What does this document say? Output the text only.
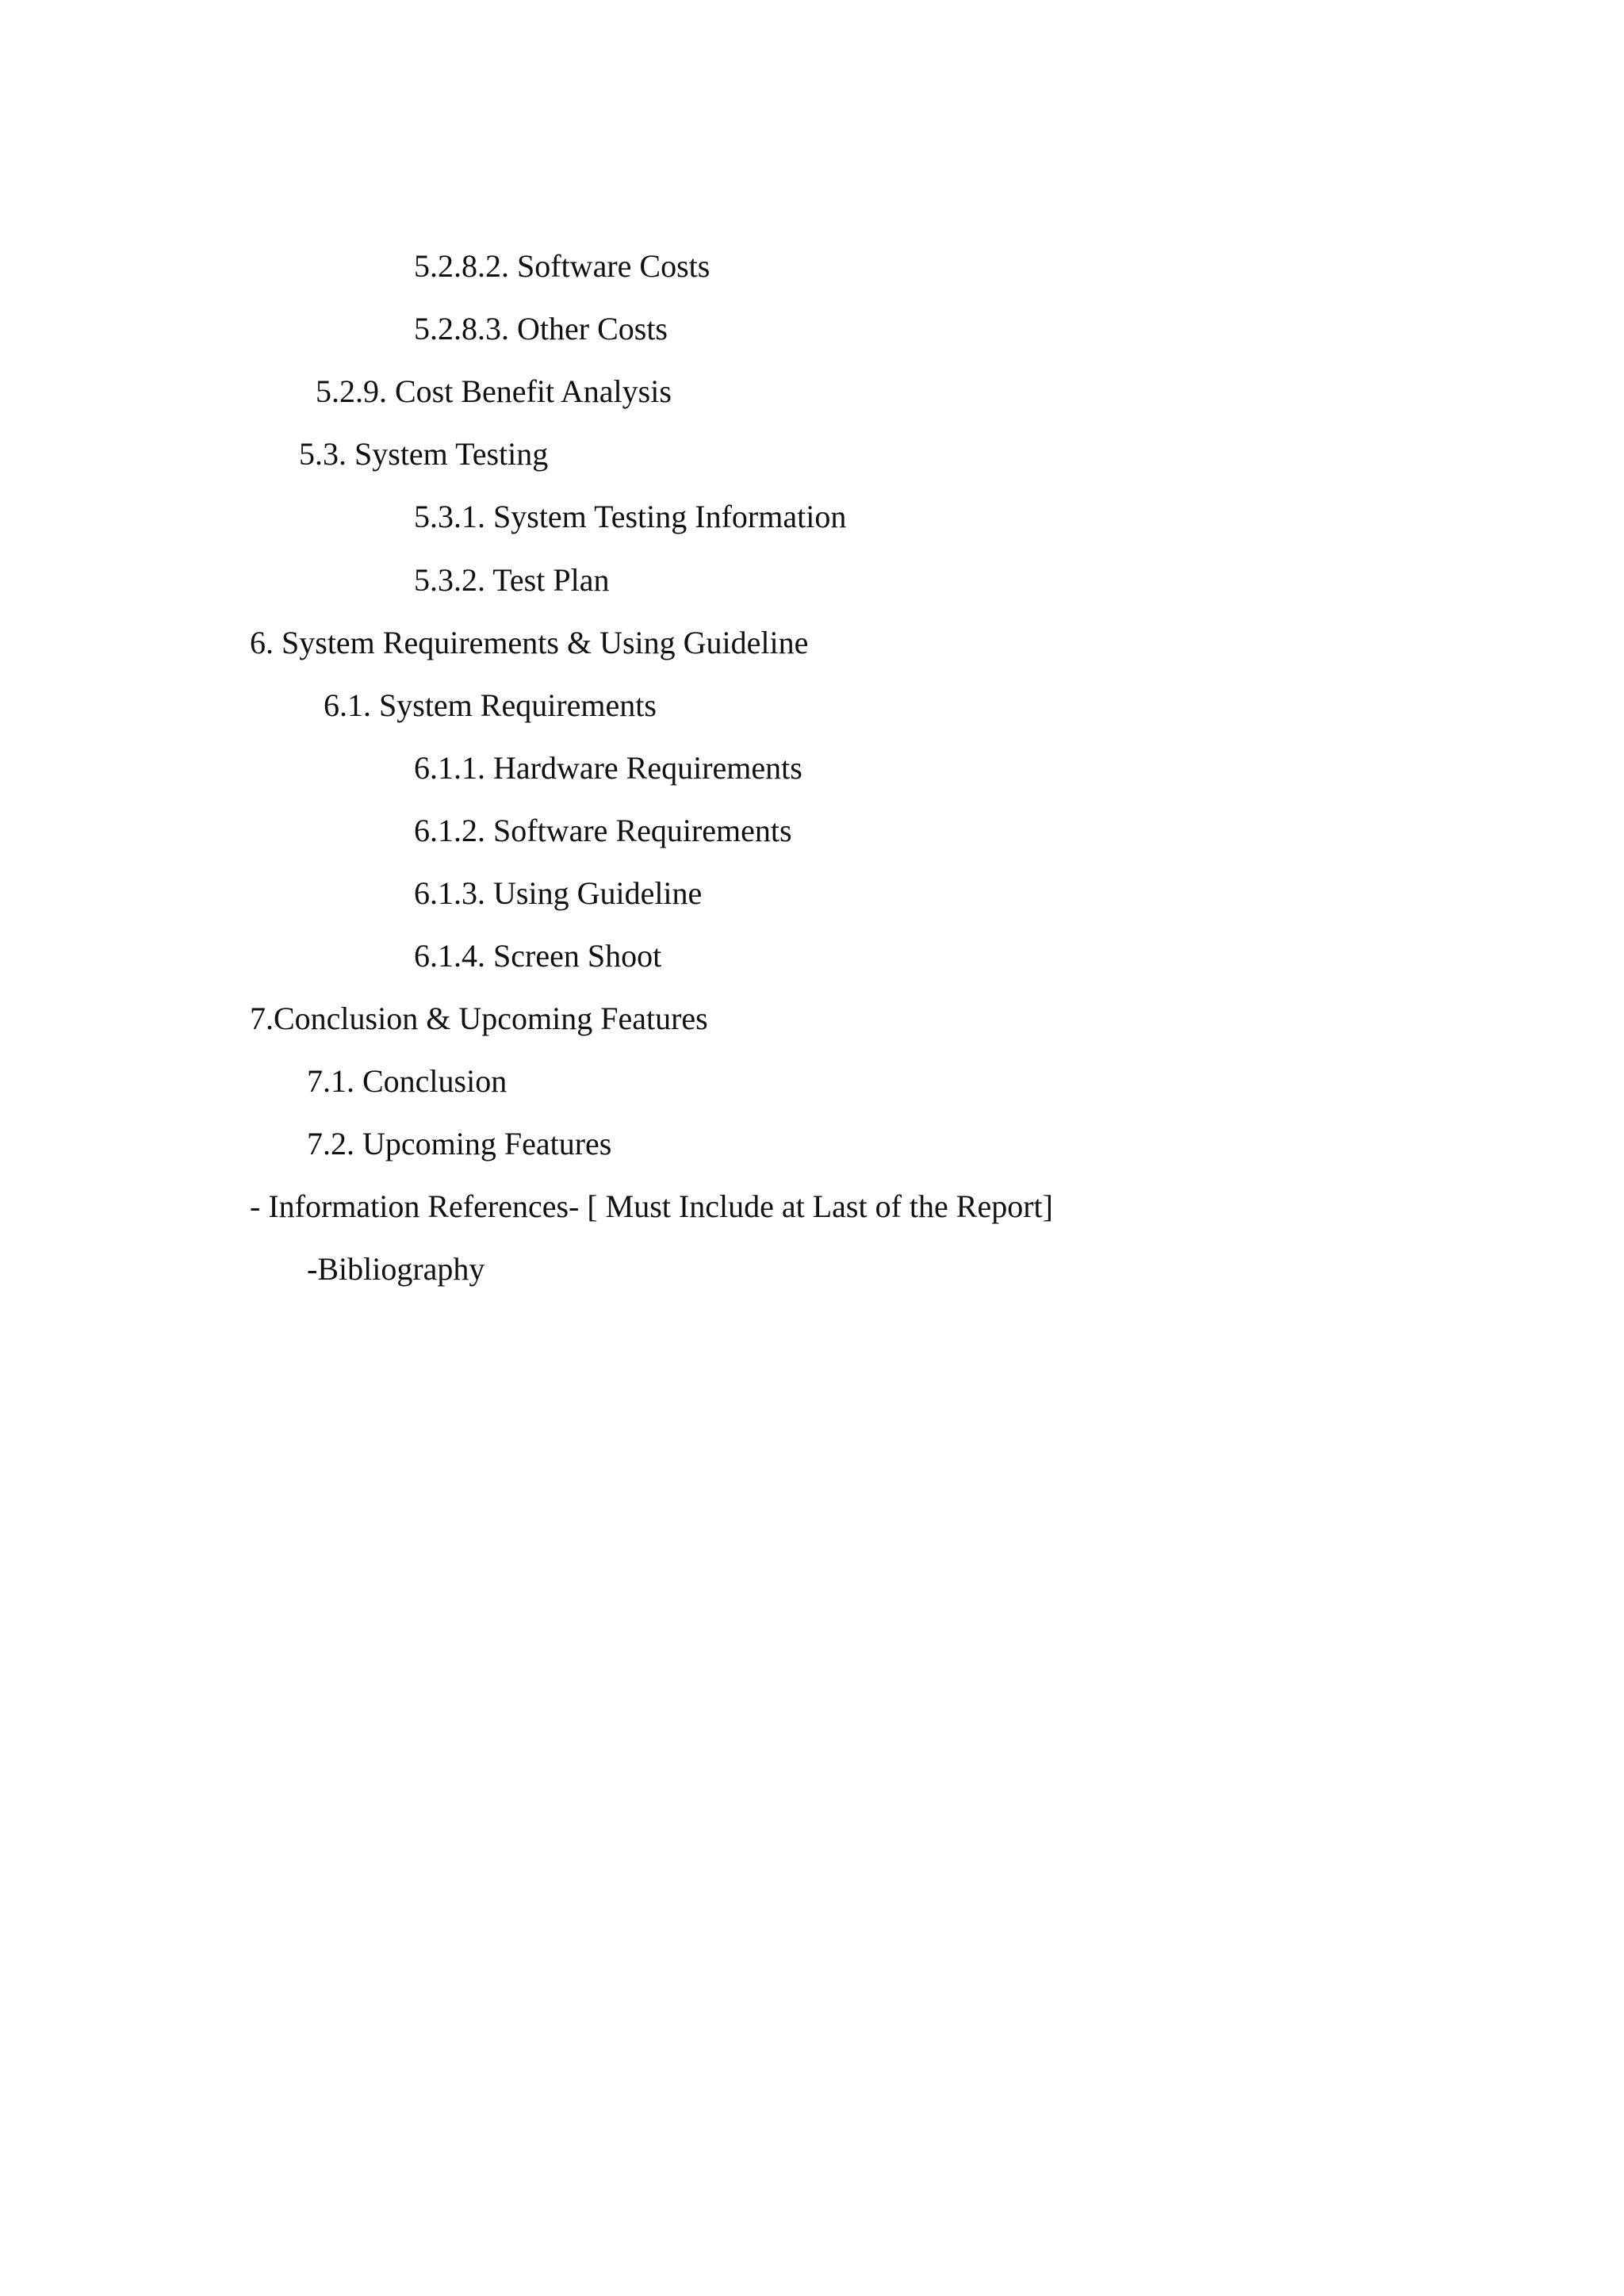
5.2.8.2. Software Costs
5.2.8.3. Other Costs
5.2.9. Cost Benefit Analysis
5.3. System Testing
5.3.1. System Testing Information
5.3.2. Test Plan
6. System Requirements & Using Guideline
6.1. System Requirements
6.1.1. Hardware Requirements
6.1.2. Software Requirements
6.1.3. Using Guideline
6.1.4. Screen Shoot
7.Conclusion & Upcoming Features
7.1. Conclusion
7.2. Upcoming Features
- Information References- [ Must Include at Last of the Report]
-Bibliography
